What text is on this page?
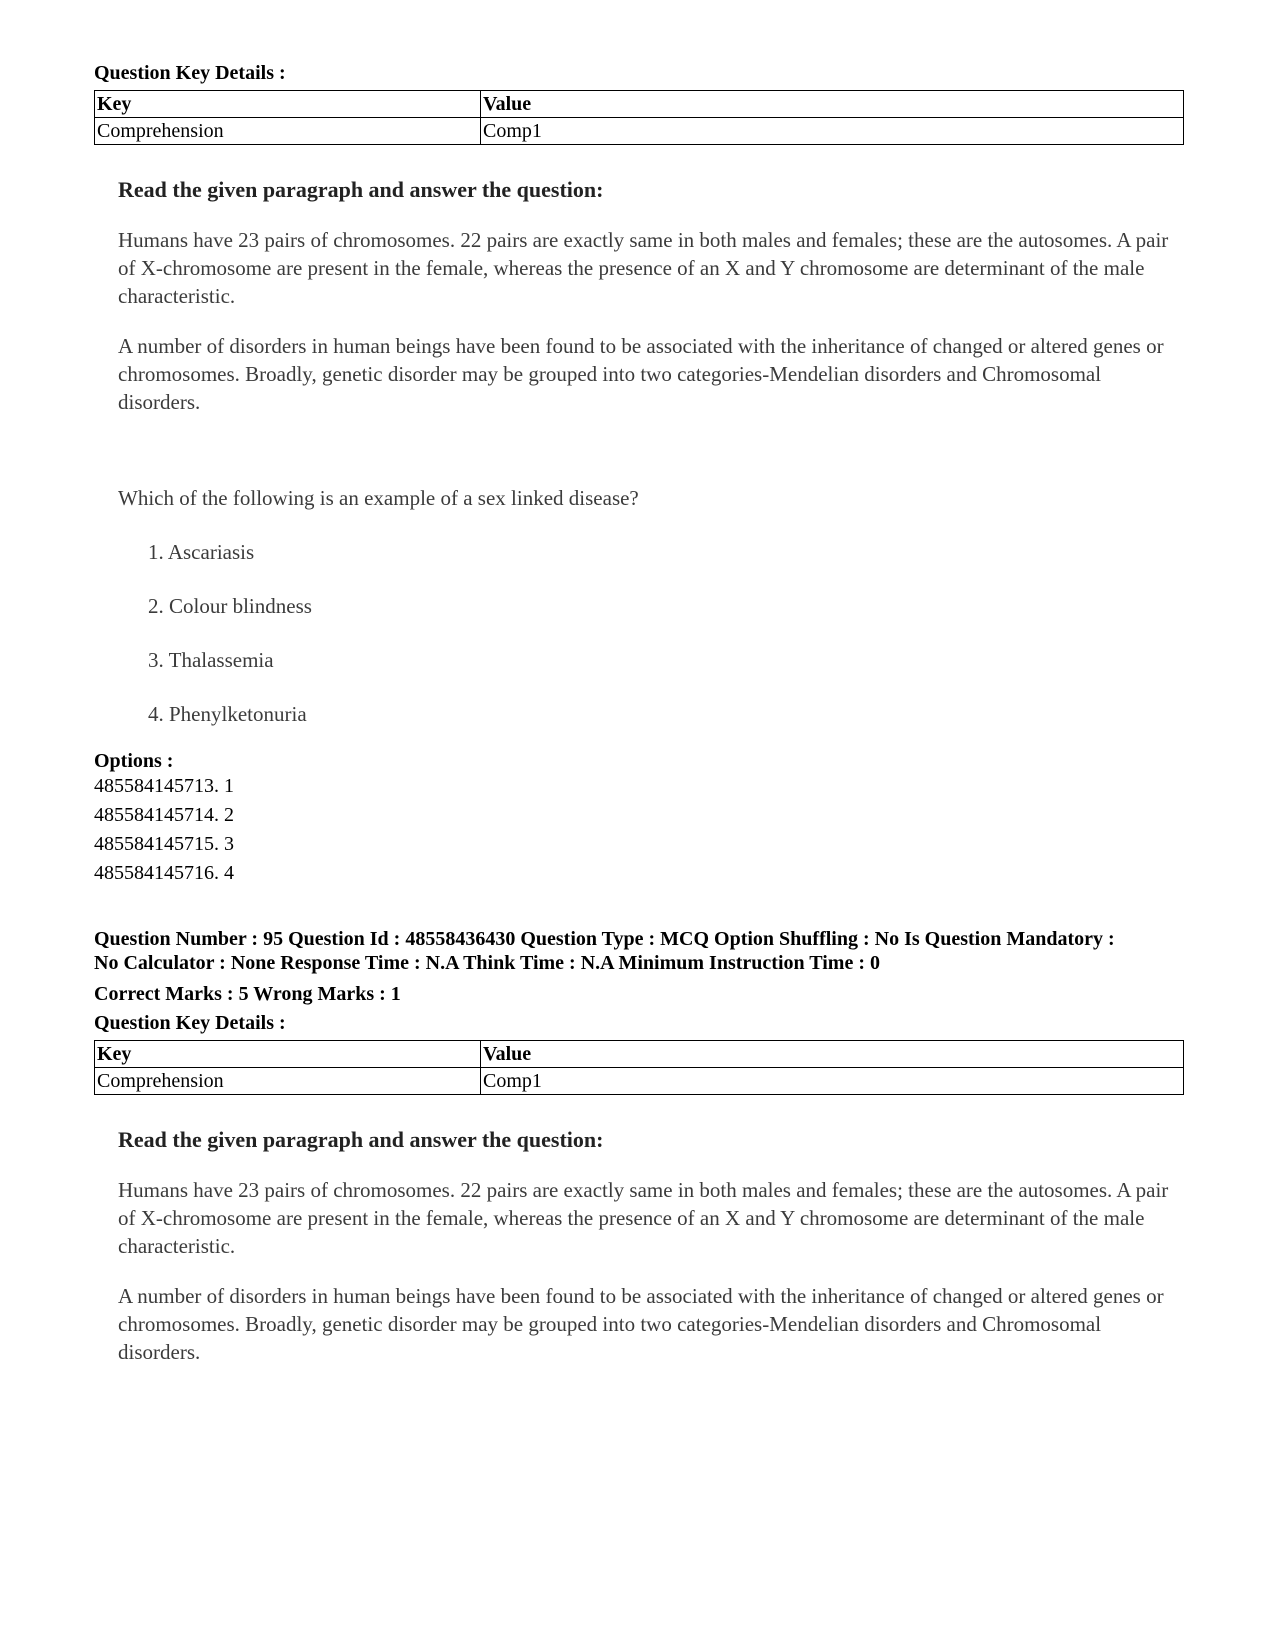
Question Key Details :
Key	Value
Comprehension	Comp1

Read the given paragraph and answer the question:

Humans have 23 pairs of chromosomes. 22 pairs are exactly same in both males and females; these are the autosomes. A pair of X-chromosome are present in the female, whereas the presence of an X and Y chromosome are determinant of the male characteristic.

A number of disorders in human beings have been found to be associated with the inheritance of changed or altered genes or chromosomes. Broadly, genetic disorder may be grouped into two categories-Mendelian disorders and Chromosomal disorders.

Which of the following is an example of a sex linked disease?

1. Ascariasis
2. Colour blindness
3. Thalassemia
4. Phenylketonuria
Options :
485584145713. 1
485584145714. 2
485584145715. 3
485584145716. 4
Question Number : 95 Question Id : 48558436430 Question Type : MCQ Option Shuffling : No Is Question Mandatory :
No Calculator : None Response Time : N.A Think Time : N.A Minimum Instruction Time : 0
Correct Marks : 5 Wrong Marks : 1
Question Key Details :
Key	Value
Comprehension	Comp1

Read the given paragraph and answer the question:

Humans have 23 pairs of chromosomes. 22 pairs are exactly same in both males and females; these are the autosomes. A pair of X-chromosome are present in the female, whereas the presence of an X and Y chromosome are determinant of the male characteristic.

A number of disorders in human beings have been found to be associated with the inheritance of changed or altered genes or chromosomes. Broadly, genetic disorder may be grouped into two categories-Mendelian disorders and Chromosomal disorders.
